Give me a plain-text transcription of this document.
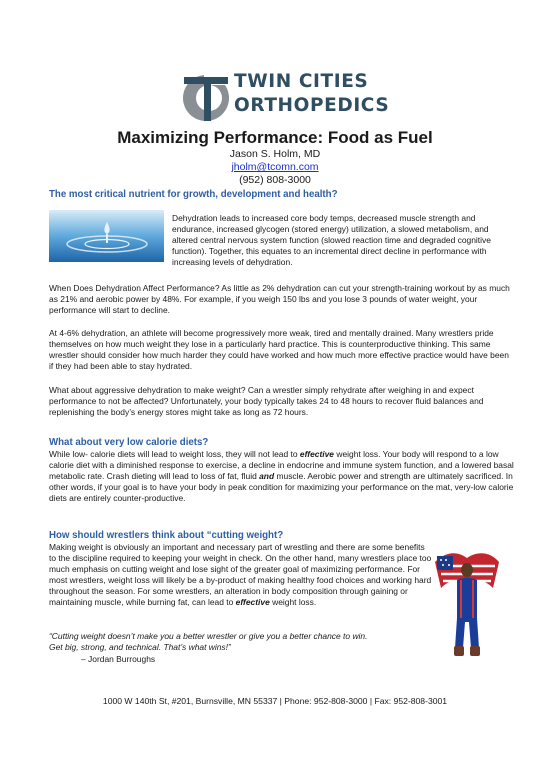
TWIN CITIES
ORTHOPEDICS
Maximizing Performance: Food as Fuel
Jason S. Holm, MD
jholm@tcomn.com
(952) 808-3000

The most critical nutrient for growth, development and health?

Dehydration leads to increased core body temps, decreased muscle strength and endurance, increased glycogen (stored energy) utilization, a slowed metabolism, and altered central nervous system function (slowed reaction time and degraded cognitive function). Together, this equates to an incremental direct decline in performance with increasing levels of dehydration.

When Does Dehydration Affect Performance? As little as 2% dehydration can cut your strength-training workout by as much as 21% and aerobic power by 48%. For example, if you weigh 150 lbs and you lose 3 pounds of water weight, your performance will start to decline.

At 4-6% dehydration, an athlete will become progressively more weak, tired and mentally drained. Many wrestlers pride themselves on how much weight they lose in a particularly hard practice. This is counterproductive thinking. This same wrestler should consider how much harder they could have worked and how much more effective practice would have been if they had been able to stay hydrated.

What about aggressive dehydration to make weight? Can a wrestler simply rehydrate after weighing in and expect performance to not be affected? Unfortunately, your body typically takes 24 to 48 hours to recover fluid balances and replenishing the body’s energy stores might take as long as 72 hours.

What about very low calorie diets?

While low- calorie diets will lead to weight loss, they will not lead to effective weight loss. Your body will respond to a low calorie diet with a diminished response to exercise, a decline in endocrine and immune system function, and a lowered basal metabolic rate. Crash dieting will lead to loss of fat, fluid and muscle. Aerobic power and strength are ultimately sacrificed. In other words, if your goal is to have your body in peak condition for maximizing your performance on the mat, very-low calorie diets are entirely counter-productive.

How should wrestlers think about “cutting weight?

Making weight is obviously an important and necessary part of wrestling and there are some benefits to the discipline required to keeping your weight in check. On the other hand, many wrestlers place too much emphasis on cutting weight and lose sight of the greater goal of maximizing performance. For most wrestlers, weight loss will likely be a by-product of making healthy food choices and working hard throughout the season. For some wrestlers, an alteration in body composition through gaining or maintaining muscle, while burning fat, can lead to effective weight loss.

“Cutting weight doesn’t make you a better wrestler or give you a better chance to win.
Get big, strong, and technical. That’s what wins!”
– Jordan Burroughs
1000 W 140th St, #201, Burnsville, MN 55337 | Phone: 952-808-3000 | Fax: 952-808-3001
